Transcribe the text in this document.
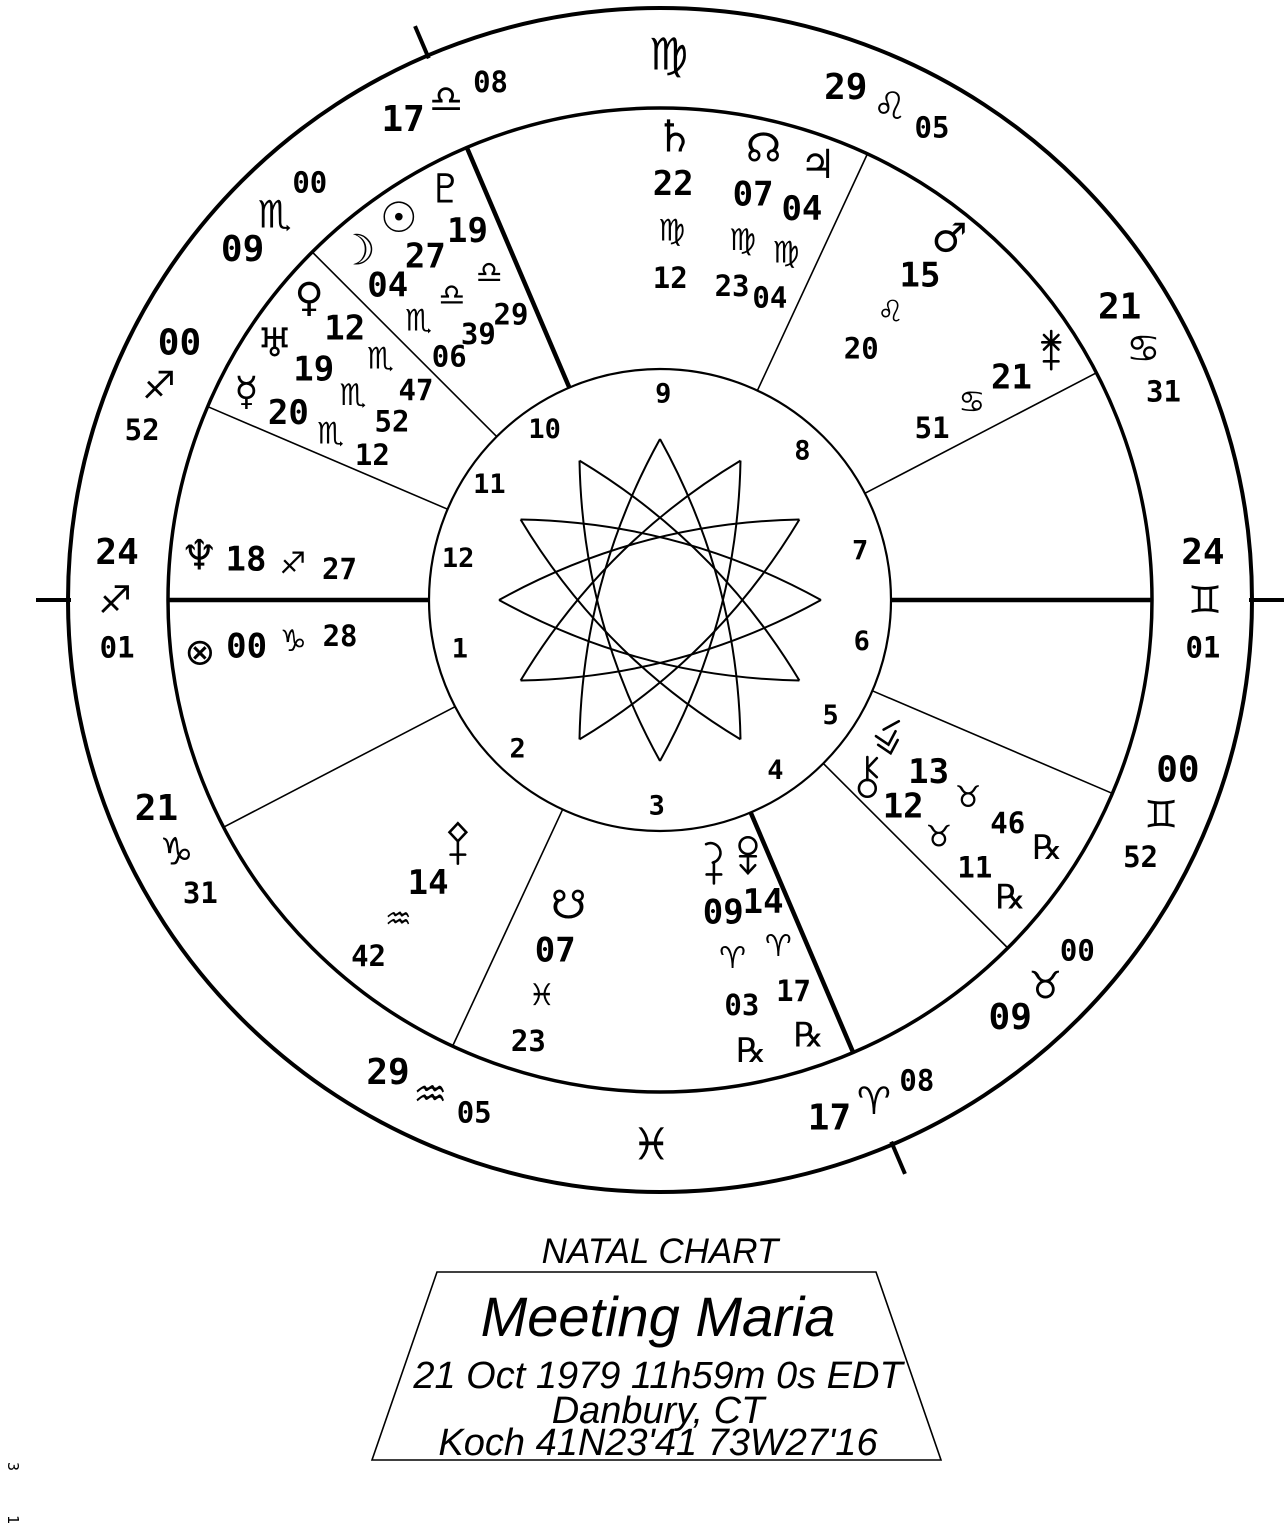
1
2
3
4
5
6
7
8
9
10
11
12
24
♐
01
21
♑
31
29 ♒ 05	17 ♈ 08
09
♉
00
00
♊
52
24
♊
01
21
♋
31
29 ♌ 05
17 ♎ 08
09
♏
00
00
♐
52
♍
♓
☉
27
♎
39
☽
04
♏
06
☿ 20
♏
12
♀
12
♏
47
♂
15
♌
20
♃
04
♍
04
♄
22
♍
12
♅
19
♏
52
♆ 18 ♐ 27
♇
19
♎
29
☊
07
♍
23
☋
07
♓
23
13
♉
46
℞
12
♉
11
℞
21
♋
51
14
♒
42
09
♈
03
℞
14
♈
17
℞
⊗ 00 ♑ 28
NATAL CHART
Meeting Maria
21 Oct 1979 11h59m 0s EDT
Danbury, CT
Koch 41N23'41 73W27'16
3
1
